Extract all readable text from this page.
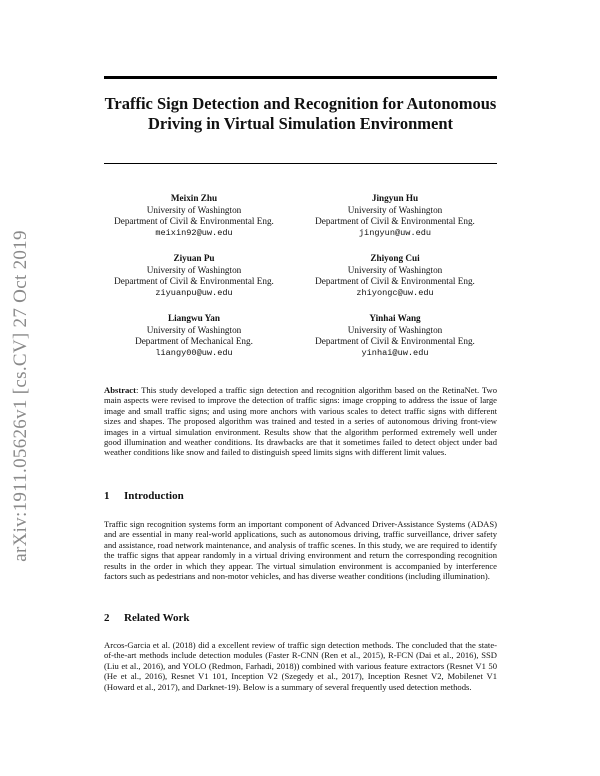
arXiv:1911.05626v1 [cs.CV] 27 Oct 2019
Traffic Sign Detection and Recognition for Autonomous Driving in Virtual Simulation Environment
Meixin Zhu
University of Washington
Department of Civil & Environmental Eng.
meixin92@uw.edu
Jingyun Hu
University of Washington
Department of Civil & Environmental Eng.
jingyun@uw.edu
Ziyuan Pu
University of Washington
Department of Civil & Environmental Eng.
ziyuanpu@uw.edu
Zhiyong Cui
University of Washington
Department of Civil & Environmental Eng.
zhiyongc@uw.edu
Liangwu Yan
University of Washington
Department of Mechanical Eng.
liangy00@uw.edu
Yinhai Wang
University of Washington
Department of Civil & Environmental Eng.
yinhai@uw.edu
Abstract: This study developed a traffic sign detection and recognition algorithm based on the RetinaNet. Two main aspects were revised to improve the detection of traffic signs: image cropping to address the issue of large image and small traffic signs; and using more anchors with various scales to detect traffic signs with different sizes and shapes. The proposed algorithm was trained and tested in a series of autonomous driving front-view images in a virtual simulation environment. Results show that the algorithm performed extremely well under good illumination and weather conditions. Its drawbacks are that it sometimes failed to detect object under bad weather conditions like snow and failed to distinguish speed limits signs with different limit values.
1 Introduction
Traffic sign recognition systems form an important component of Advanced Driver-Assistance Systems (ADAS) and are essential in many real-world applications, such as autonomous driving, traffic surveillance, driver safety and assistance, road network maintenance, and analysis of traffic scenes. In this study, we are required to identify the traffic signs that appear randomly in a virtual driving environment and return the corresponding recognition results in the order in which they appear. The virtual simulation environment is accompanied by interference factors such as pedestrians and non-motor vehicles, and has diverse weather conditions (including illumination).
2 Related Work
Arcos-Garcia et al. (2018) did a excellent review of traffic sign detection methods. The concluded that the state-of-the-art methods include detection modules (Faster R-CNN (Ren et al., 2015), R-FCN (Dai et al., 2016), SSD (Liu et al., 2016), and YOLO (Redmon, Farhadi, 2018)) combined with various feature extractors (Resnet V1 50 (He et al., 2016), Resnet V1 101, Inception V2 (Szegedy et al., 2017), Inception Resnet V2, Mobilenet V1 (Howard et al., 2017), and Darknet-19). Below is a summary of several frequently used detection methods.
